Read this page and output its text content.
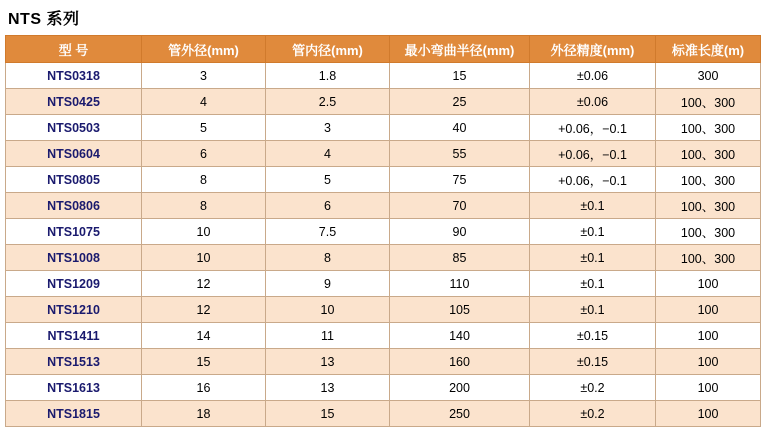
NTS 系列
型 号	管外径(mm)	管内径(mm)	最小弯曲半径(mm)	外径精度(mm)	标准长度(m)
NTS0318	3	1.8	15	±0.06	300
NTS0425	4	2.5	25	±0.06	100、300
NTS0503	5	3	40	+0.06，−0.1	100、300
NTS0604	6	4	55	+0.06，−0.1	100、300
NTS0805	8	5	75	+0.06，−0.1	100、300
NTS0806	8	6	70	±0.1	100、300
NTS1075	10	7.5	90	±0.1	100、300
NTS1008	10	8	85	±0.1	100、300
NTS1209	12	9	110	±0.1	100
NTS1210	12	10	105	±0.1	100
NTS1411	14	11	140	±0.15	100
NTS1513	15	13	160	±0.15	100
NTS1613	16	13	200	±0.2	100
NTS1815	18	15	250	±0.2	100
